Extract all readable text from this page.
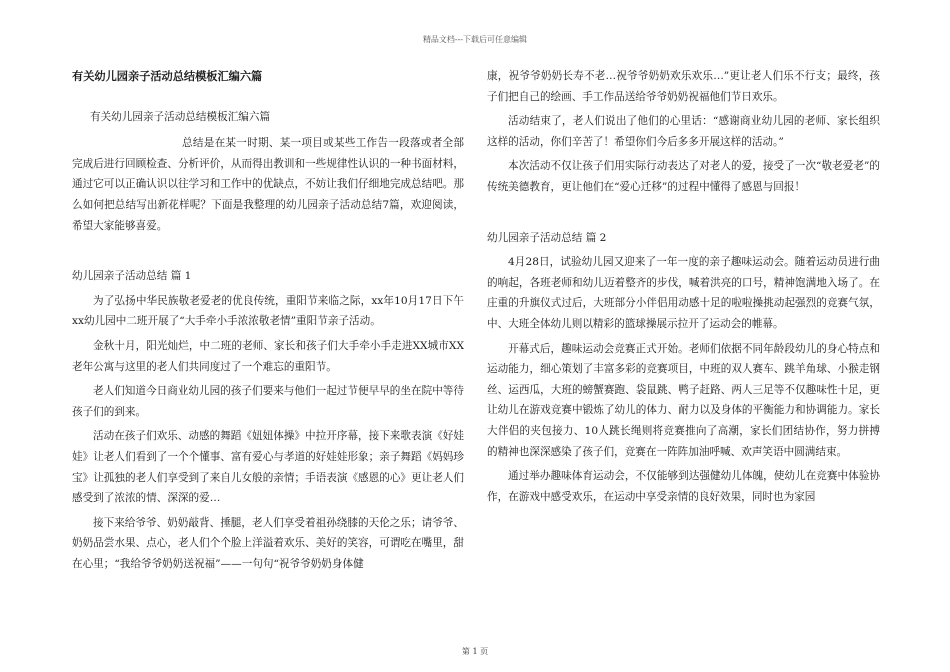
精品文档---下载后可任意编辑
有关幼儿园亲子活动总结模板汇编六篇
有关幼儿园亲子活动总结模板汇编六篇

总结是在某一时期、某一项目或某些工作告一段落或者全部完成后进行回顾检查、分析评价，从而得出教训和一些规律性认识的一种书面材料，通过它可以正确认识以往学习和工作中的优缺点，不妨让我们仔细地完成总结吧。那么如何把总结写出新花样呢？下面是我整理的幼儿园亲子活动总结7篇，欢迎阅读，希望大家能够喜爱。

幼儿园亲子活动总结 篇 1

为了弘扬中华民族敬老爱老的优良传统，重阳节来临之际，xx年10月17日下午xx幼儿园中二班开展了“大手牵小手浓浓敬老情”重阳节亲子活动。

金秋十月，阳光灿烂，中二班的老师、家长和孩子们大手牵小手走进XX城市XX老年公寓与这里的老人们共同度过了一个难忘的重阳节。

老人们知道今日商业幼儿园的孩子们要来与他们一起过节便早早的坐在院中等待孩子们的到来。

活动在孩子们欢乐、动感的舞蹈《妞妞体操》中拉开序幕，接下来歌表演《好娃娃》让老人们看到了一个个懂事、富有爱心与孝道的好娃娃形象；亲子舞蹈《妈妈珍宝》让孤独的老人们享受到了来自儿女般的亲情；手语表演《感恩的心》更让老人们感受到了浓浓的情、深深的爱…

接下来给爷爷、奶奶敲背、捶腿，老人们享受着祖孙绕膝的天伦之乐；请爷爷、奶奶品尝水果、点心，老人们个个脸上洋溢着欢乐、美好的笑容，可谓吃在嘴里，甜在心里；“我给爷爷奶奶送祝福”——一句句“祝爷爷奶奶身体健

康，祝爷爷奶奶长寿不老…祝爷爷奶奶欢乐欢乐…”更让老人们乐不行支；最终，孩子们把自己的绘画、手工作品送给爷爷奶奶祝福他们节日欢乐。

活动结束了，老人们说出了他们的心里话：“感谢商业幼儿园的老师、家长组织这样的活动，你们辛苦了！希望你们今后多多开展这样的活动。”

本次活动不仅让孩子们用实际行动表达了对老人的爱，接受了一次“敬老爱老”的传统美德教育，更让他们在“爱心迁移”的过程中懂得了感恩与回报！

幼儿园亲子活动总结 篇 2

4月28日，试验幼儿园又迎来了一年一度的亲子趣味运动会。随着运动员进行曲的响起，各班老师和幼儿迈着整齐的步伐，喊着洪亮的口号，精神饱满地入场了。在庄重的升旗仪式过后，大班部分小伴侣用动感十足的啦啦操挑动起强烈的竞赛气氛，中、大班全体幼儿则以精彩的篮球操展示拉开了运动会的帷幕。

开幕式后，趣味运动会竞赛正式开始。老师们依据不同年龄段幼儿的身心特点和运动能力，细心策划了丰富多彩的竞赛项目，中班的双人赛车、跳羊角球、小猴走钢丝、运西瓜，大班的螃蟹赛跑、袋鼠跳、鸭子赶路、两人三足等不仅趣味性十足，更让幼儿在游戏竞赛中锻炼了幼儿的体力、耐力以及身体的平衡能力和协调能力。家长大伴侣的夹包接力、10人跳长绳则将竞赛推向了高潮，家长们团结协作，努力拼搏的精神也深深感染了孩子们，竞赛在一阵阵加油呼喊、欢声笑语中圆满结束。

通过举办趣味体育运动会，不仅能够到达强健幼儿体魄，使幼儿在竞赛中体验协作，在游戏中感受欢乐，在运动中享受亲情的良好效果，同时也为家园

第 1 页
